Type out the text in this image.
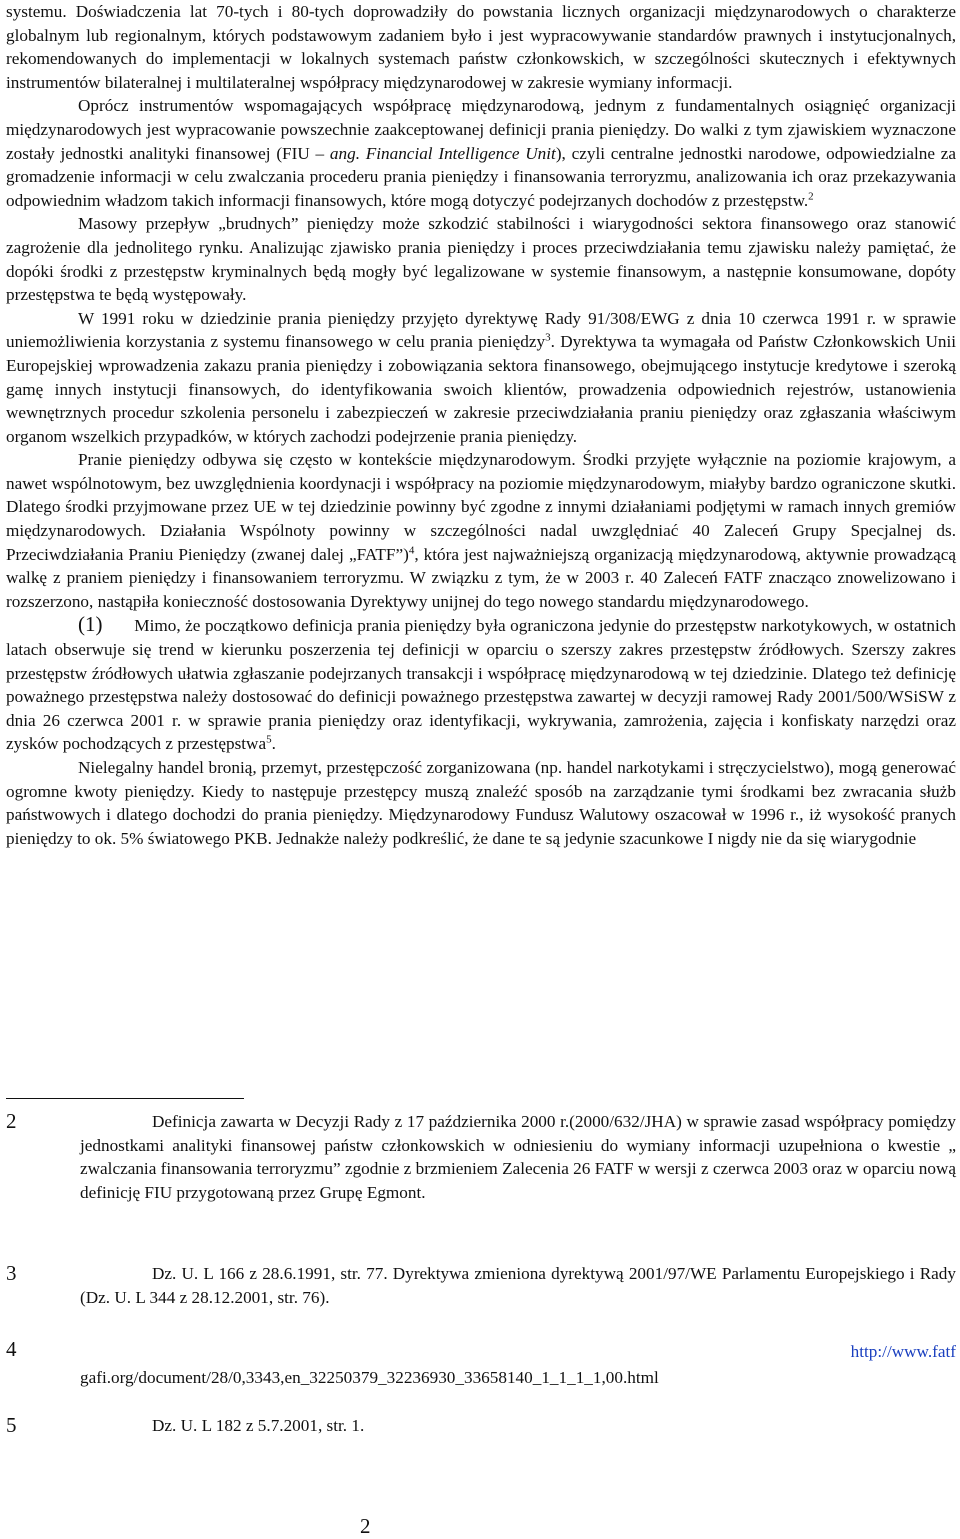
systemu. Doświadczenia lat 70-tych i 80-tych doprowadziły do powstania licznych organizacji międzynarodowych o charakterze globalnym lub regionalnym, których podstawowym zadaniem było i jest wypracowywanie standardów prawnych i instytucjonalnych, rekomendowanych do implementacji w lokalnych systemach państw członkowskich, w szczególności skutecznych i efektywnych instrumentów bilateralnej i multilateralnej współpracy międzynarodowej w zakresie wymiany informacji.

Oprócz instrumentów wspomagających współpracę międzynarodową, jednym z fundamentalnych osiągnięć organizacji międzynarodowych jest wypracowanie powszechnie zaakceptowanej definicji prania pieniędzy. Do walki z tym zjawiskiem wyznaczone zostały jednostki analityki finansowej (FIU – ang. Financial Intelligence Unit), czyli centralne jednostki narodowe, odpowiedzialne za gromadzenie informacji w celu zwalczania procederu prania pieniędzy i finansowania terroryzmu, analizowania ich oraz przekazywania odpowiednim władzom takich informacji finansowych, które mogą dotyczyć podejrzanych dochodów z przestępstw.$^2$

Masowy przepływ „brudnych” pieniędzy może szkodzić stabilności i wiarygodności sektora finansowego oraz stanowić zagrożenie dla jednolitego rynku. Analizując zjawisko prania pieniędzy i proces przeciwdziałania temu zjawisku należy pamiętać, że dopóki środki z przestępstw kryminalnych będą mogły być legalizowane w systemie finansowym, a następnie konsumowane, dopóty przestępstwa te będą występowały.

W 1991 roku w dziedzinie prania pieniędzy przyjęto dyrektywę Rady 91/308/EWG z dnia 10 czerwca 1991 r. w sprawie uniemożliwienia korzystania z systemu finansowego w celu prania pieniędzy$^3$. Dyrektywa ta wymagała od Państw Członkowskich Unii Europejskiej wprowadzenia zakazu prania pieniędzy i zobowiązania sektora finansowego, obejmującego instytucje kredytowe i szeroką gamę innych instytucji finansowych, do identyfikowania swoich klientów, prowadzenia odpowiednich rejestrów, ustanowienia wewnętrznych procedur szkolenia personelu i zabezpieczeń w zakresie przeciwdziałania praniu pieniędzy oraz zgłaszania właściwym organom wszelkich przypadków, w których zachodzi podejrzenie prania pieniędzy.

Pranie pieniędzy odbywa się często w kontekście międzynarodowym. Środki przyjęte wyłącznie na poziomie krajowym, a nawet wspólnotowym, bez uwzględnienia koordynacji i współpracy na poziomie międzynarodowym, miałyby bardzo ograniczone skutki. Dlatego środki przyjmowane przez UE w tej dziedzinie powinny być zgodne z innymi działaniami podjętymi w ramach innych gremiów międzynarodowych. Działania Wspólnoty powinny w szczególności nadal uwzględniać 40 Zaleceń Grupy Specjalnej ds. Przeciwdziałania Praniu Pieniędzy (zwanej dalej „FATF”)$^4$, która jest najważniejszą organizacją międzynarodową, aktywnie prowadzącą walkę z praniem pieniędzy i finansowaniem terroryzmu. W związku z tym, że w 2003 r. 40 Zaleceń FATF znacząco znowelizowano i rozszerzono, nastąpiła konieczność dostosowania Dyrektywy unijnej do tego nowego standardu międzynarodowego.

(1) Mimo, że początkowo definicja prania pieniędzy była ograniczona jedynie do przestępstw narkotykowych, w ostatnich latach obserwuje się trend w kierunku poszerzenia tej definicji w oparciu o szerszy zakres przestępstw źródłowych. Szerszy zakres przestępstw źródłowych ułatwia zgłaszanie podejrzanych transakcji i współpracę międzynarodową w tej dziedzinie. Dlatego też definicję poważnego przestępstwa należy dostosować do definicji poważnego przestępstwa zawartej w decyzji ramowej Rady 2001/500/WSiSW z dnia 26 czerwca 2001 r. w sprawie prania pieniędzy oraz identyfikacji, wykrywania, zamrożenia, zajęcia i konfiskaty narzędzi oraz zysków pochodzących z przestępstwa$^5$.

Nielegalny handel bronią, przemyt, przestępczość zorganizowana (np. handel narkotykami i stręczycielstwo), mogą generować ogromne kwoty pieniędzy. Kiedy to następuje przestępcy muszą znaleźć sposób na zarządzanie tymi środkami bez zwracania służb państwowych i dlatego dochodzi do prania pieniędzy. Międzynarodowy Fundusz Walutowy oszacował w 1996 r., iż wysokość pranych pieniędzy to ok. 5% światowego PKB. Jednakże należy podkreślić, że dane te są jedynie szacunkowe I nigdy nie da się wiarygodnie

2	Definicja zawarta w Decyzji Rady z 17 października 2000 r.(2000/632/JHA) w sprawie zasad współpracy pomiędzy jednostkami analityki finansowej państw członkowskich w odniesieniu do wymiany informacji uzupełniona o kwestie „ zwalczania finansowania terroryzmu” zgodnie z brzmieniem Zalecenia 26 FATF w wersji z czerwca 2003 oraz w oparciu nową definicję FIU przygotowaną przez Grupę Egmont.

3	Dz. U. L 166 z 28.6.1991, str. 77. Dyrektywa zmieniona dyrektywą 2001/97/WE Parlamentu Europejskiego i Rady (Dz. U. L 344 z 28.12.2001, str. 76).

4	http://www.fatf

gafi.org/document/28/0,3343,en_32250379_32236930_33658140_1_1_1_1,00.html

5	Dz. U. L 182 z 5.7.2001, str. 1.

2
